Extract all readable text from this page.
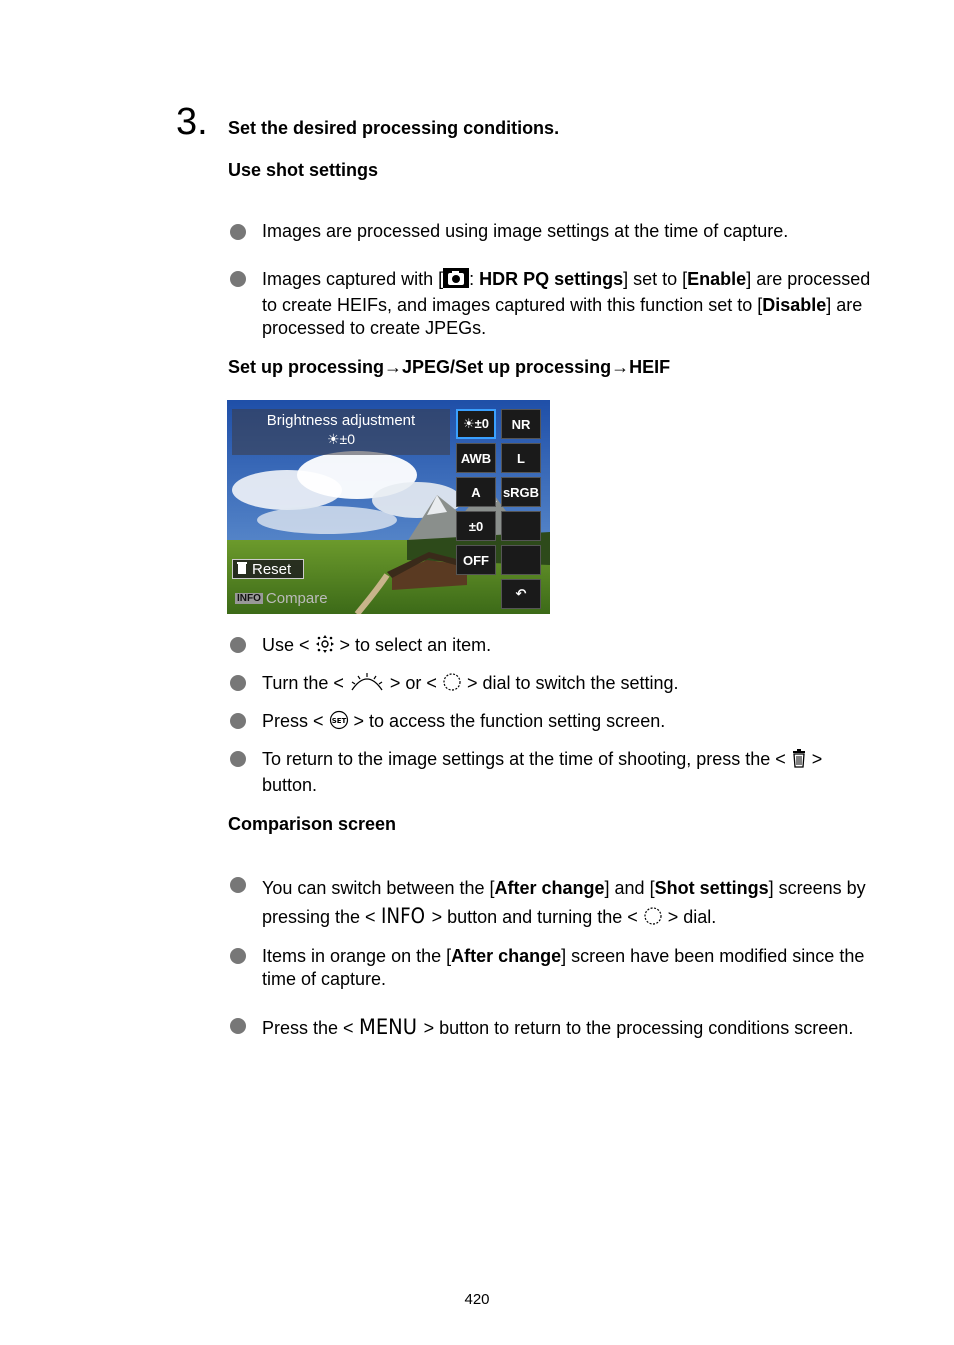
3. Set the desired processing conditions.
Use shot settings
Images are processed using image settings at the time of capture.
Images captured with [ : HDR PQ settings] set to [Enable] are processed to create HEIFs, and images captured with this function set to [Disable] are processed to create JPEGs.
Set up processing→JPEG/Set up processing→HEIF
Brightness adjustment
☀±0
☀±0	NR
AWB	L
A	sRGB
±0
OFF
↶
Reset
INFO Compare
Use <  > to select an item.
Turn the <  > or <  > dial to switch the setting.
Press < SET > to access the function setting screen.
To return to the image settings at the time of shooting, press the <  > button.
Comparison screen
You can switch between the [After change] and [Shot settings] screens by pressing the < INFO > button and turning the <  > dial.
Items in orange on the [After change] screen have been modified since the time of capture.
Press the < MENU > button to return to the processing conditions screen.
420
